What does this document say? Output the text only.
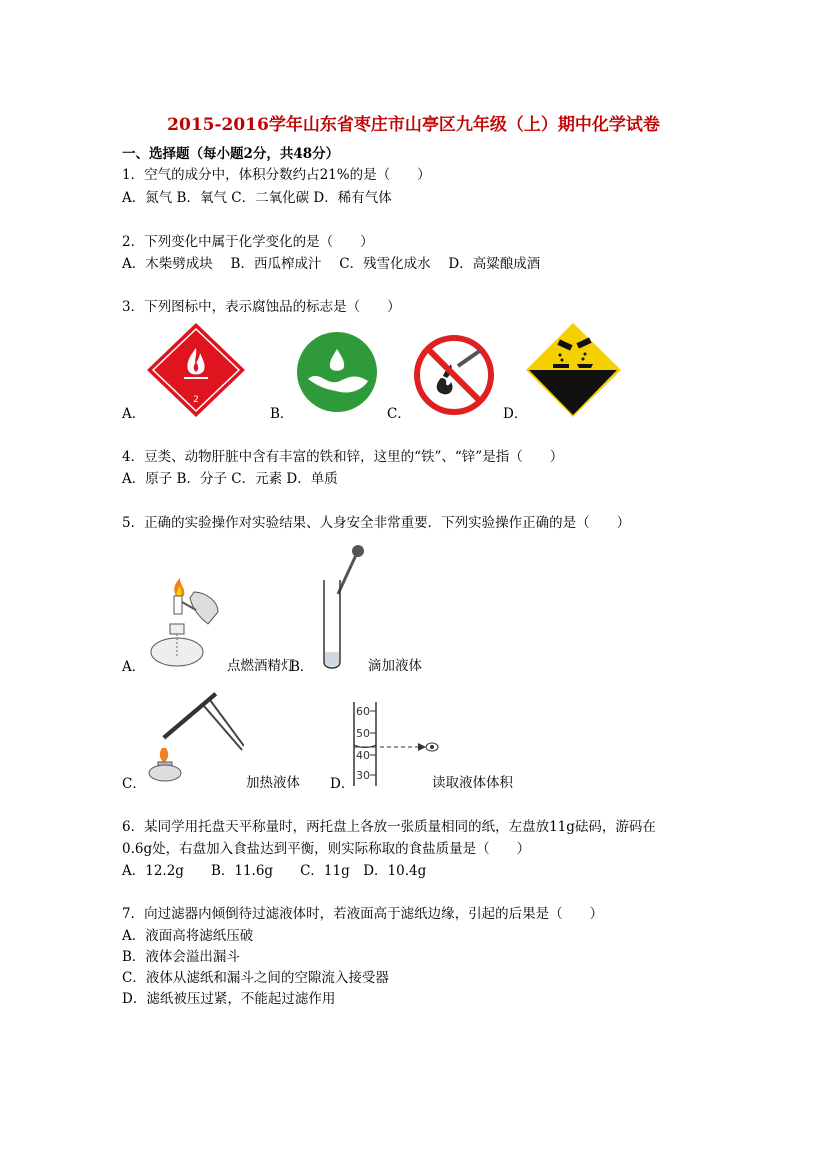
2015-2016学年山东省枣庄市山亭区九年级（上）期中化学试卷
一、选择题（每小题2分，共48分）
1．空气的成分中，体积分数约占21%的是（　　）
A．氮气 B．氧气 C．二氧化碳 D．稀有气体
2．下列变化中属于化学变化的是（　　）
A．木柴劈成块　 B．西瓜榨成汁　 C．残雪化成水　 D．高粱酿成酒
3．下列图标中，表示腐蚀品的标志是（　　）
A．
2
B．	C．	D．
4．豆类、动物肝脏中含有丰富的铁和锌，这里的“铁”、“锌”是指（　　）
A．原子 B．分子 C．元素 D．单质
5．正确的实验操作对实验结果、人身安全非常重要．下列实验操作正确的是（　　）
A．	点燃酒精灯
B．	滴加液体
C．	加热液体 D．
60
50
40
30	读取液体体积
6．某同学用托盘天平称量时，两托盘上各放一张质量相同的纸，左盘放11g砝码，游码在
0.6g处，右盘加入食盐达到平衡，则实际称取的食盐质量是（　　）
A．12.2g　　B．11.6g　　C．11g　D．10.4g
7．向过滤器内倾倒待过滤液体时，若液面高于滤纸边缘，引起的后果是（　　）
A．液面高将滤纸压破
B．液体会溢出漏斗
C．液体从滤纸和漏斗之间的空隙流入接受器
D．滤纸被压过紧，不能起过滤作用
